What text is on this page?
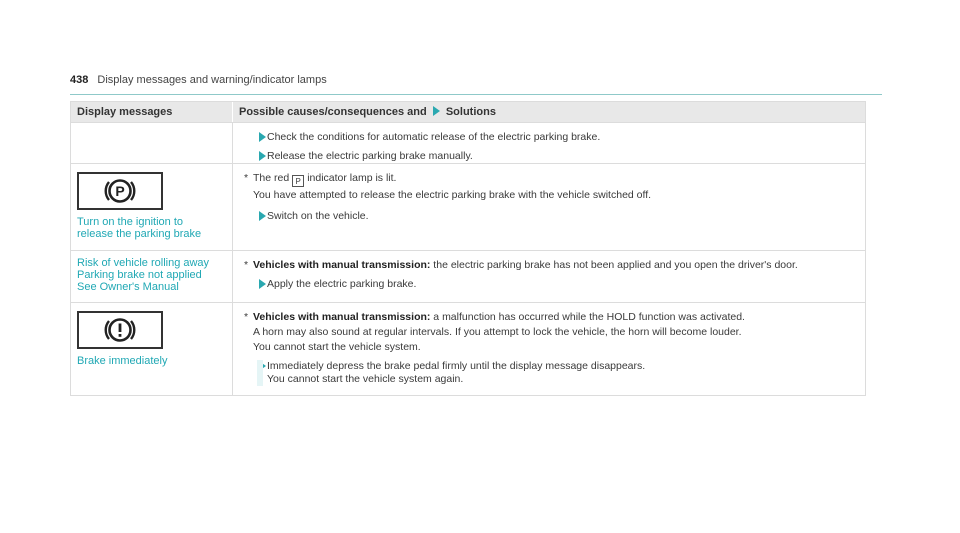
438 Display messages and warning/indicator lamps
Display messages	Possible causes/consequences and Solutions
Check the conditions for automatic release of the electric parking brake.
Release the electric parking brake manually.
P
Turn on the ignition to
release the parking brake
* The red P indicator lamp is lit.
You have attempted to release the electric parking brake with the vehicle switched off.
Switch on the vehicle.
Risk of vehicle rolling away
Parking brake not applied
See Owner's Manual
* Vehicles with manual transmission: the electric parking brake has not been applied and you open the driver's door.
Apply the electric parking brake.
Brake immediately
* Vehicles with manual transmission: a malfunction has occurred while the HOLD function was activated.
A horn may also sound at regular intervals. If you attempt to lock the vehicle, the horn will become louder.
You cannot start the vehicle system.
Immediately depress the brake pedal firmly until the display message disappears.
You cannot start the vehicle system again.
